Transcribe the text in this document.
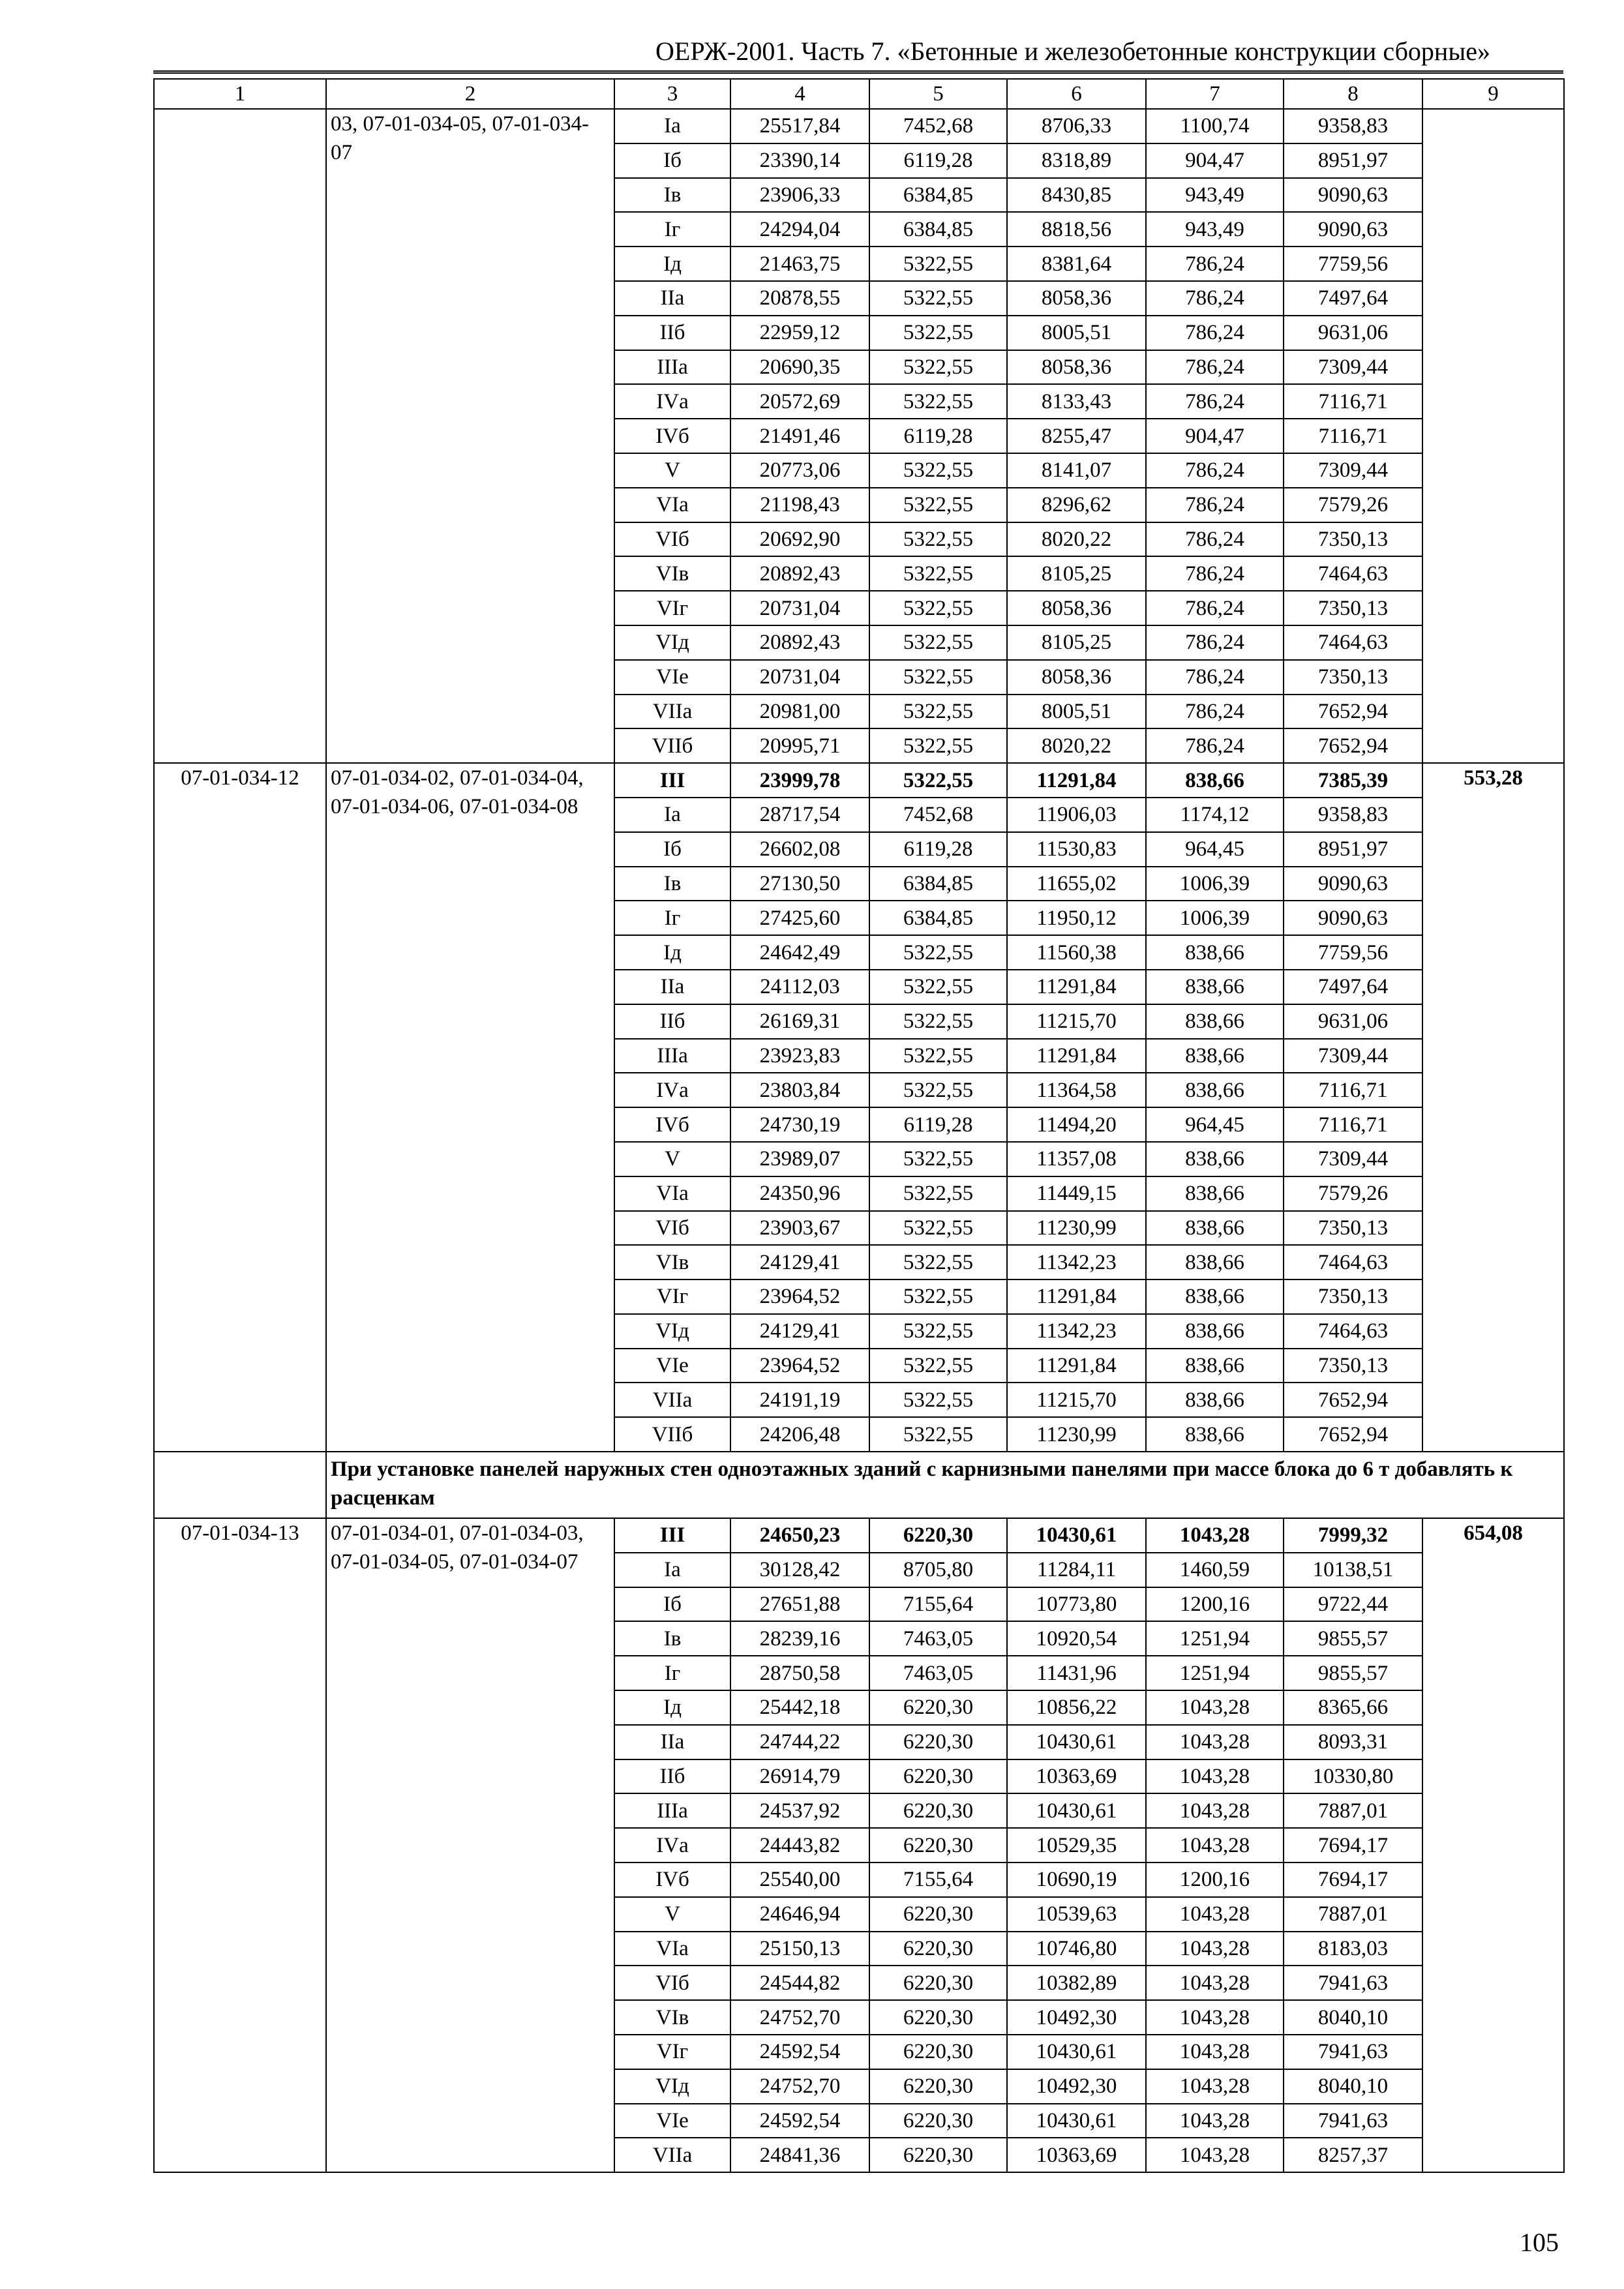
ОЕРЖ-2001. Часть 7. «Бетонные и железобетонные конструкции сборные»
1	2	3	4	5	6	7	8	9
	03, 07-01-034-05, 07-01-034-07	Iа	25517,84	7452,68	8706,33	1100,74	9358,83	
		Iб	23390,14	6119,28	8318,89	904,47	8951,97	
		Iв	23906,33	6384,85	8430,85	943,49	9090,63	
		Iг	24294,04	6384,85	8818,56	943,49	9090,63	
		Iд	21463,75	5322,55	8381,64	786,24	7759,56	
		IIа	20878,55	5322,55	8058,36	786,24	7497,64	
		IIб	22959,12	5322,55	8005,51	786,24	9631,06	
		IIIа	20690,35	5322,55	8058,36	786,24	7309,44	
		IVа	20572,69	5322,55	8133,43	786,24	7116,71	
		IVб	21491,46	6119,28	8255,47	904,47	7116,71	
		V	20773,06	5322,55	8141,07	786,24	7309,44	
		VIа	21198,43	5322,55	8296,62	786,24	7579,26	
		VIб	20692,90	5322,55	8020,22	786,24	7350,13	
		VIв	20892,43	5322,55	8105,25	786,24	7464,63	
		VIг	20731,04	5322,55	8058,36	786,24	7350,13	
		VIд	20892,43	5322,55	8105,25	786,24	7464,63	
		VIе	20731,04	5322,55	8058,36	786,24	7350,13	
		VIIа	20981,00	5322,55	8005,51	786,24	7652,94	
		VIIб	20995,71	5322,55	8020,22	786,24	7652,94	
07-01-034-12	07-01-034-02, 07-01-034-04, 07-01-034-06, 07-01-034-08	III	23999,78	5322,55	11291,84	838,66	7385,39	553,28
		Iа	28717,54	7452,68	11906,03	1174,12	9358,83	
		Iб	26602,08	6119,28	11530,83	964,45	8951,97	
		Iв	27130,50	6384,85	11655,02	1006,39	9090,63	
		Iг	27425,60	6384,85	11950,12	1006,39	9090,63	
		Iд	24642,49	5322,55	11560,38	838,66	7759,56	
		IIа	24112,03	5322,55	11291,84	838,66	7497,64	
		IIб	26169,31	5322,55	11215,70	838,66	9631,06	
		IIIа	23923,83	5322,55	11291,84	838,66	7309,44	
		IVа	23803,84	5322,55	11364,58	838,66	7116,71	
		IVб	24730,19	6119,28	11494,20	964,45	7116,71	
		V	23989,07	5322,55	11357,08	838,66	7309,44	
		VIа	24350,96	5322,55	11449,15	838,66	7579,26	
		VIб	23903,67	5322,55	11230,99	838,66	7350,13	
		VIв	24129,41	5322,55	11342,23	838,66	7464,63	
		VIг	23964,52	5322,55	11291,84	838,66	7350,13	
		VIд	24129,41	5322,55	11342,23	838,66	7464,63	
		VIе	23964,52	5322,55	11291,84	838,66	7350,13	
		VIIа	24191,19	5322,55	11215,70	838,66	7652,94	
		VIIб	24206,48	5322,55	11230,99	838,66	7652,94	
	При установке панелей наружных стен одноэтажных зданий с карнизными панелями при массе блока до 6 т добавлять к расценкам							
07-01-034-13	07-01-034-01, 07-01-034-03, 07-01-034-05, 07-01-034-07	III	24650,23	6220,30	10430,61	1043,28	7999,32	654,08
		Iа	30128,42	8705,80	11284,11	1460,59	10138,51	
		Iб	27651,88	7155,64	10773,80	1200,16	9722,44	
		Iв	28239,16	7463,05	10920,54	1251,94	9855,57	
		Iг	28750,58	7463,05	11431,96	1251,94	9855,57	
		Iд	25442,18	6220,30	10856,22	1043,28	8365,66	
		IIа	24744,22	6220,30	10430,61	1043,28	8093,31	
		IIб	26914,79	6220,30	10363,69	1043,28	10330,80	
		IIIа	24537,92	6220,30	10430,61	1043,28	7887,01	
		IVа	24443,82	6220,30	10529,35	1043,28	7694,17	
		IVб	25540,00	7155,64	10690,19	1200,16	7694,17	
		V	24646,94	6220,30	10539,63	1043,28	7887,01	
		VIа	25150,13	6220,30	10746,80	1043,28	8183,03	
		VIб	24544,82	6220,30	10382,89	1043,28	7941,63	
		VIв	24752,70	6220,30	10492,30	1043,28	8040,10	
		VIг	24592,54	6220,30	10430,61	1043,28	7941,63	
		VIд	24752,70	6220,30	10492,30	1043,28	8040,10	
		VIе	24592,54	6220,30	10430,61	1043,28	7941,63	
		VIIа	24841,36	6220,30	10363,69	1043,28	8257,37	
105
